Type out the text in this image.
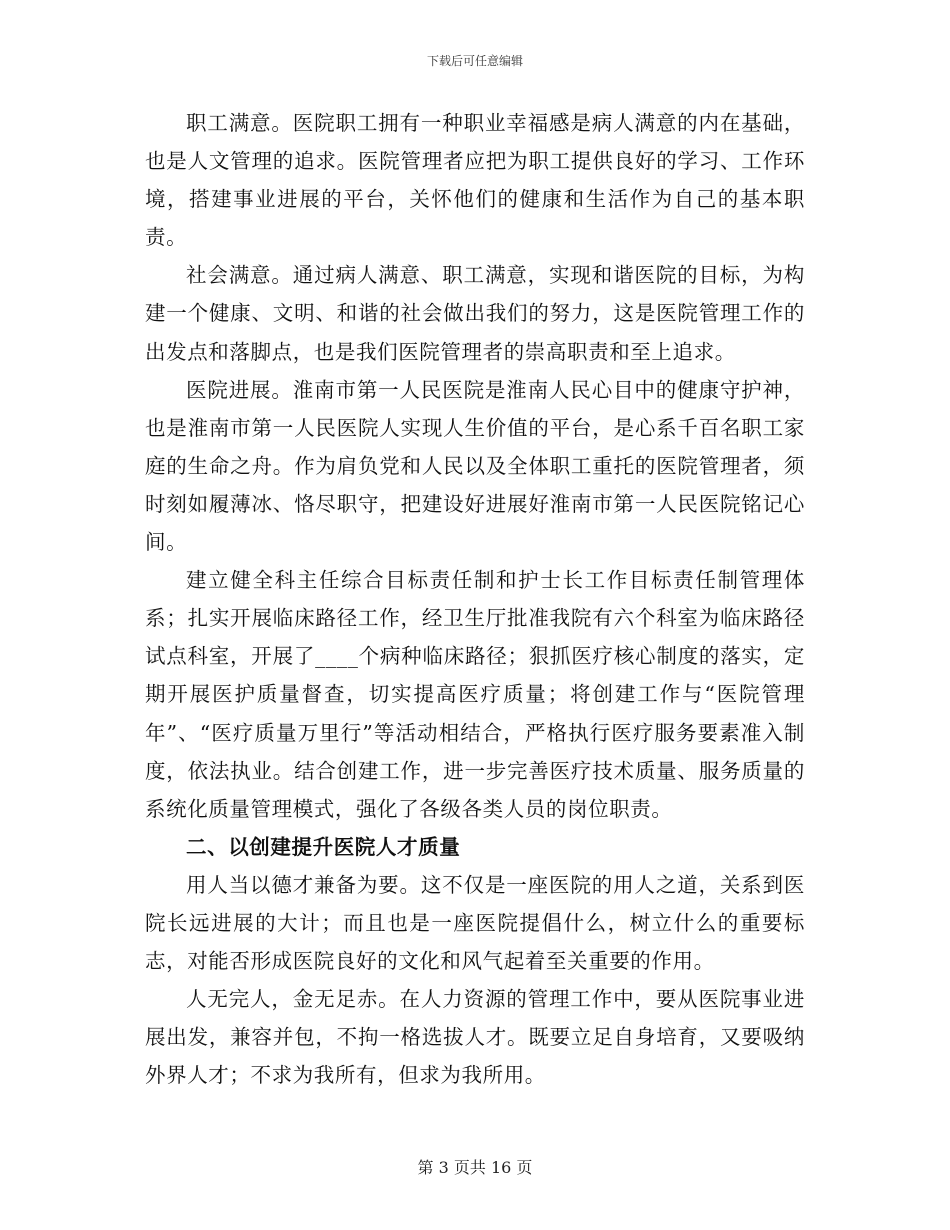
下载后可任意编辑

职工满意。医院职工拥有一种职业幸福感是病人满意的内在基础，也是人文管理的追求。医院管理者应把为职工提供良好的学习、工作环境，搭建事业进展的平台，关怀他们的健康和生活作为自己的基本职责。

社会满意。通过病人满意、职工满意，实现和谐医院的目标，为构建一个健康、文明、和谐的社会做出我们的努力，这是医院管理工作的出发点和落脚点，也是我们医院管理者的崇高职责和至上追求。

医院进展。淮南市第一人民医院是淮南人民心目中的健康守护神，也是淮南市第一人民医院人实现人生价值的平台，是心系千百名职工家庭的生命之舟。作为肩负党和人民以及全体职工重托的医院管理者，须时刻如履薄冰、恪尽职守，把建设好进展好淮南市第一人民医院铭记心间。

建立健全科主任综合目标责任制和护士长工作目标责任制管理体系；扎实开展临床路径工作，经卫生厅批准我院有六个科室为临床路径试点科室，开展了____个病种临床路径；狠抓医疗核心制度的落实，定期开展医护质量督查，切实提高医疗质量；将创建工作与“医院管理年”、“医疗质量万里行”等活动相结合，严格执行医疗服务要素准入制度，依法执业。结合创建工作，进一步完善医疗技术质量、服务质量的系统化质量管理模式，强化了各级各类人员的岗位职责。

二、以创建提升医院人才质量

用人当以德才兼备为要。这不仅是一座医院的用人之道，关系到医院长远进展的大计；而且也是一座医院提倡什么，树立什么的重要标志，对能否形成医院良好的文化和风气起着至关重要的作用。

人无完人，金无足赤。在人力资源的管理工作中，要从医院事业进展出发，兼容并包，不拘一格选拔人才。既要立足自身培育，又要吸纳外界人才；不求为我所有，但求为我所用。

第 3 页共 16 页
